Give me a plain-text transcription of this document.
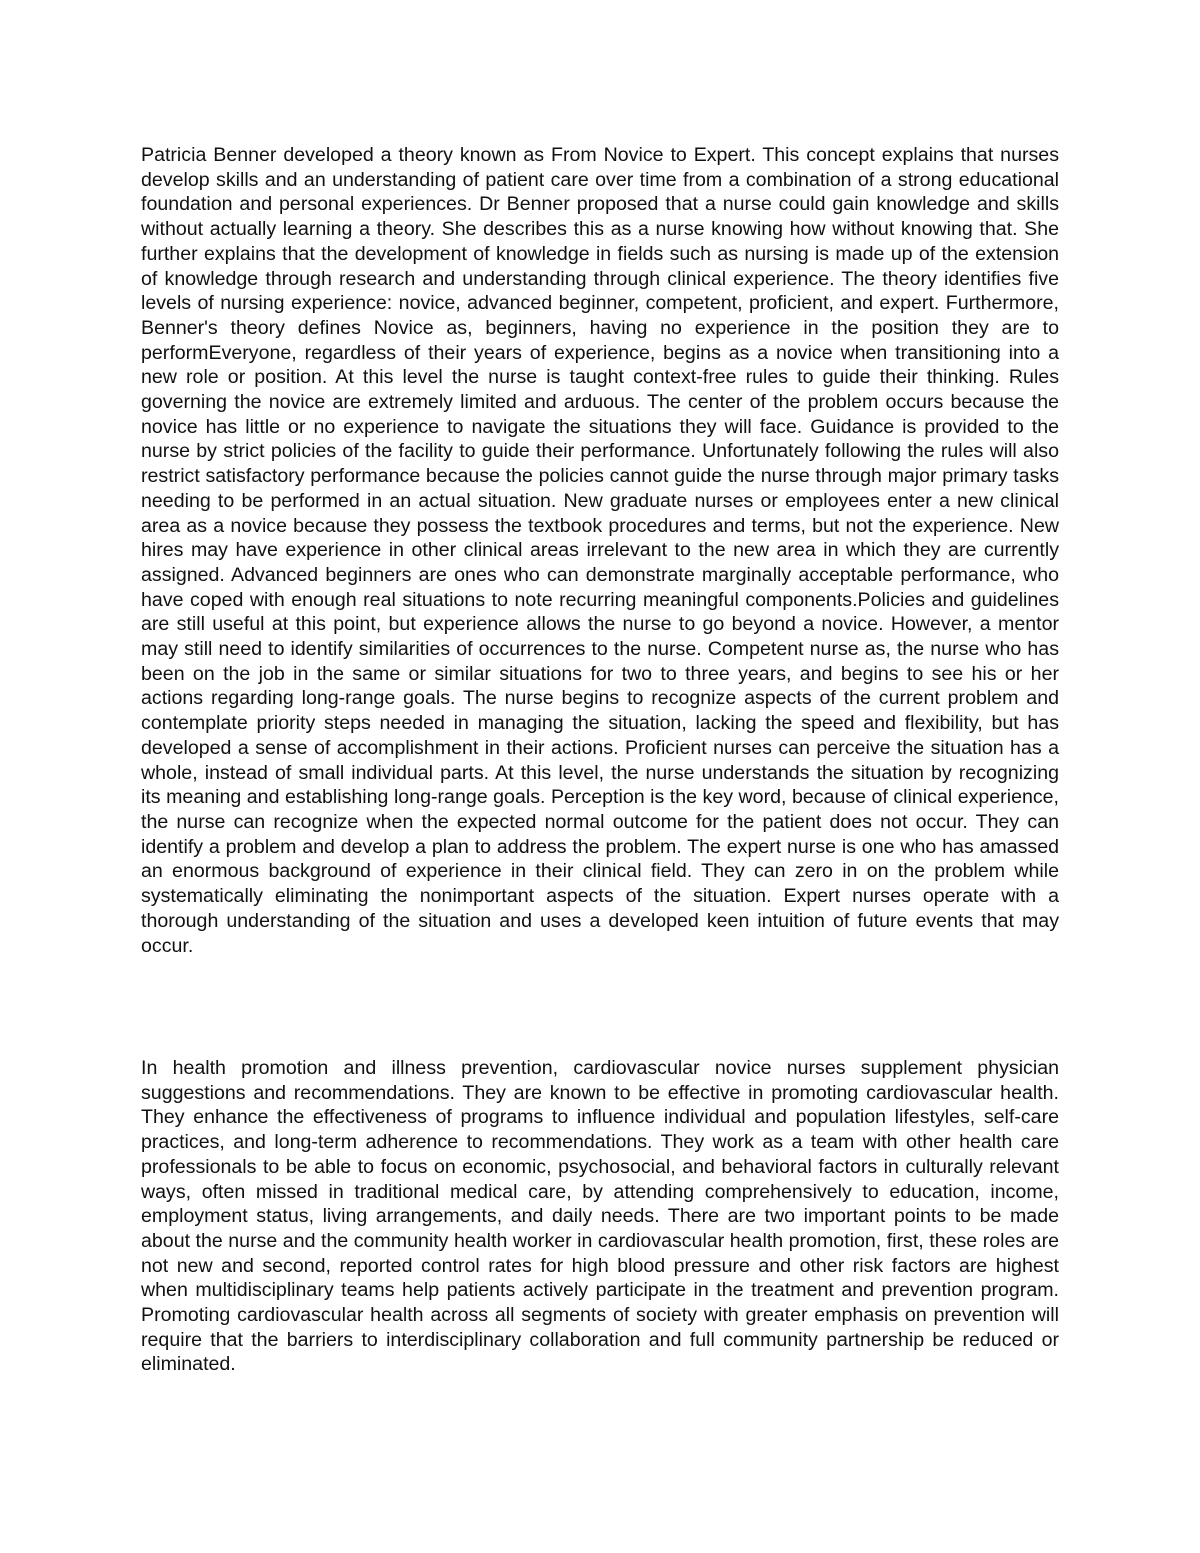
Patricia Benner developed a theory known as From Novice to Expert. This concept explains that nurses develop skills and an understanding of patient care over time from a combination of a strong educational foundation and personal experiences. Dr Benner proposed that a nurse could gain knowledge and skills without actually learning a theory. She describes this as a nurse knowing how without knowing that. She further explains that the development of knowledge in fields such as nursing is made up of the extension of knowledge through research and understanding through clinical experience. The theory identifies five levels of nursing experience: novice, advanced beginner, competent, proficient, and expert. Furthermore, Benner's theory defines Novice as, beginners, having no experience in the position they are to performEveryone, regardless of their years of experience, begins as a novice when transitioning into a new role or position. At this level the nurse is taught context-free rules to guide their thinking. Rules governing the novice are extremely limited and arduous. The center of the problem occurs because the novice has little or no experience to navigate the situations they will face. Guidance is provided to the nurse by strict policies of the facility to guide their performance. Unfortunately following the rules will also restrict satisfactory performance because the policies cannot guide the nurse through major primary tasks needing to be performed in an actual situation. New graduate nurses or employees enter a new clinical area as a novice because they possess the textbook procedures and terms, but not the experience. New hires may have experience in other clinical areas irrelevant to the new area in which they are currently assigned. Advanced beginners are ones who can demonstrate marginally acceptable performance, who have coped with enough real situations to note recurring meaningful components.Policies and guidelines are still useful at this point, but experience allows the nurse to go beyond a novice. However, a mentor may still need to identify similarities of occurrences to the nurse. Competent nurse as, the nurse who has been on the job in the same or similar situations for two to three years, and begins to see his or her actions regarding long-range goals. The nurse begins to recognize aspects of the current problem and contemplate priority steps needed in managing the situation, lacking the speed and flexibility, but has developed a sense of accomplishment in their actions. Proficient nurses can perceive the situation has a whole, instead of small individual parts. At this level, the nurse understands the situation by recognizing its meaning and establishing long-range goals. Perception is the key word, because of clinical experience, the nurse can recognize when the expected normal outcome for the patient does not occur. They can identify a problem and develop a plan to address the problem. The expert nurse is one who has amassed an enormous background of experience in their clinical field. They can zero in on the problem while systematically eliminating the nonimportant aspects of the situation. Expert nurses operate with a thorough understanding of the situation and uses a developed keen intuition of future events that may occur.

In health promotion and illness prevention, cardiovascular novice nurses supplement physician suggestions and recommendations. They are known to be effective in promoting cardiovascular health. They enhance the effectiveness of programs to influence individual and population lifestyles, self-care practices, and long-term adherence to recommendations. They work as a team with other health care professionals to be able to focus on economic, psychosocial, and behavioral factors in culturally relevant ways, often missed in traditional medical care, by attending comprehensively to education, income, employment status, living arrangements, and daily needs. There are two important points to be made about the nurse and the community health worker in cardiovascular health promotion, first, these roles are not new and second, reported control rates for high blood pressure and other risk factors are highest when multidisciplinary teams help patients actively participate in the treatment and prevention program. Promoting cardiovascular health across all segments of society with greater emphasis on prevention will require that the barriers to interdisciplinary collaboration and full community partnership be reduced or eliminated.
